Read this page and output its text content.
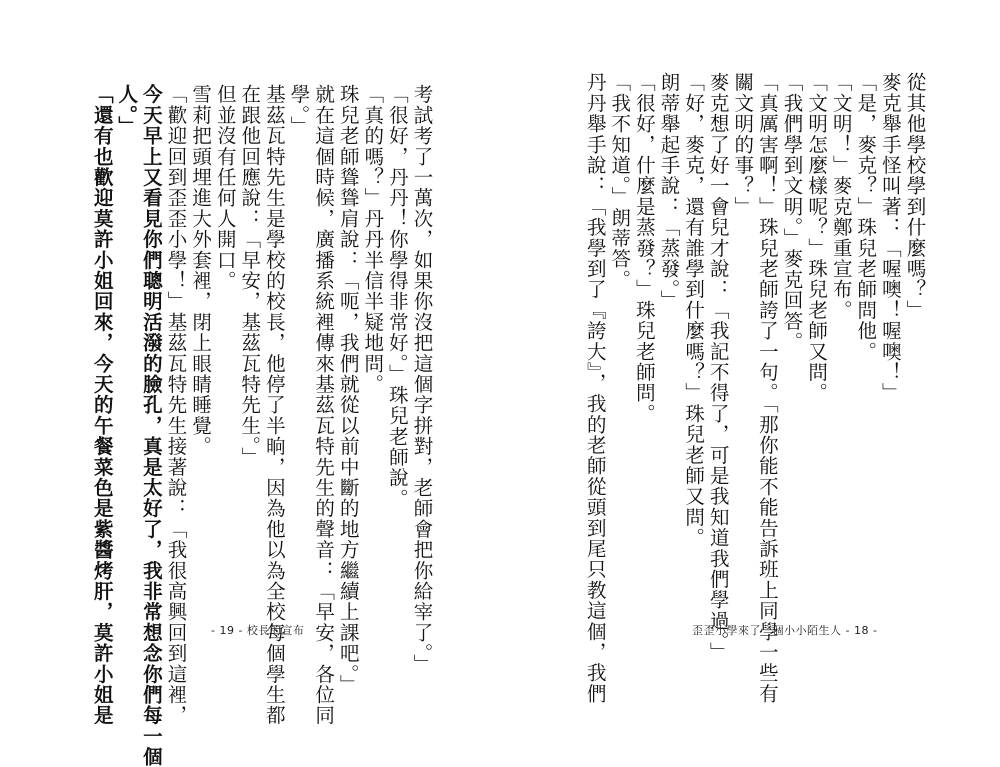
考試考了一萬次，如果你沒把這個字拼對，老師會把你給宰了。」
「很好，丹丹！你學得非常好。」珠兒老師說。
「真的嗎？」丹丹半信半疑地問。
珠兒老師聳聳肩說：「呃，我們就從以前中斷的地方繼續上課吧。」
就在這個時候，廣播系統裡傳來基茲瓦特先生的聲音：「早安，各位同
學。」
基茲瓦特先生是學校的校長，他停了半晌，因為他以為全校每個學生都
在跟他回應說：「早安，基茲瓦特先生。」
但並沒有任何人開口。
雪莉把頭埋進大外套裡，閉上眼睛睡覺。
「歡迎回到歪歪小學！」基茲瓦特先生接著說：「我很高興回到這裡，
今天早上又看見你們聰明活潑的臉孔，真是太好了，我非常想念你們每一個
人。」
「還有也歡迎莫許小姐回來，今天的午餐菜色是紫醬烤肝，莫許小姐是	- 19 - 校長的宣布
從其他學校學到什麼嗎？」
麥克舉手怪叫著：「喔噢！喔噢！」
「是，麥克？」珠兒老師問他。
「文明！」麥克鄭重宣布。
「文明怎麼樣呢？」珠兒老師又問。
「我們學到文明。」麥克回答。
「真厲害啊！」珠兒老師誇了一句。「那你能不能告訴班上同學一些有
關文明的事？」
麥克想了好一會兒才說：「我記不得了，可是我知道我們學過。」
「好，麥克，還有誰學到什麼嗎？」珠兒老師又問。
朗蒂舉起手說：「蒸發。」
「很好，什麼是蒸發？」珠兒老師問。
「我不知道。」朗蒂答。
丹丹舉手說：「我學到了『誇大』，我的老師從頭到尾只教這個，我們	歪歪小學來了一個小小陌生人 - 18 -
